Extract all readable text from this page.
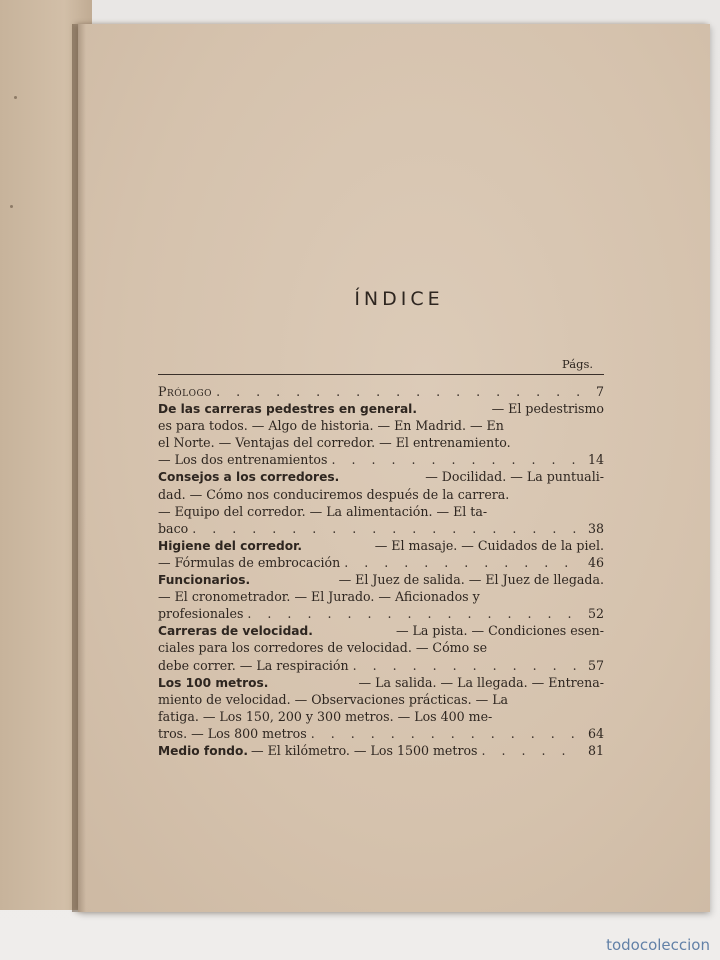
ÍNDICE
Págs.
Prólogo . . .	7
De las carreras pedestres en general.	— El pedestrismo
es para todos. — Algo de historia. — En Madrid. — En
el Norte. — Ventajas del corredor. — El entrenamiento.
— Los dos entrenamientos . . .	14
Consejos a los corredores.	— Docilidad. — La puntuali-
dad. — Cómo nos conduciremos después de la carrera.
— Equipo del corredor. — La alimentación. — El ta-
baco . . .	38
Higiene del corredor.	— El masaje. — Cuidados de la piel.
— Fórmulas de embrocación . . .	46
Funcionarios.	— El Juez de salida. — El Juez de llegada.
— El cronometrador. — El Jurado. — Aficionados y
profesionales . . .	52
Carreras de velocidad.	— La pista. — Condiciones esen-
ciales para los corredores de velocidad. — Cómo se
debe correr. — La respiración . . .	57
Los 100 metros.	— La salida. — La llegada. — Entrena-
miento de velocidad. — Observaciones prácticas. — La
fatiga. — Los 150, 200 y 300 metros. — Los 400 me-
tros. — Los 800 metros . . .	64
Medio fondo. — El kilómetro. — Los 1500 metros . . .	81
todocoleccion
